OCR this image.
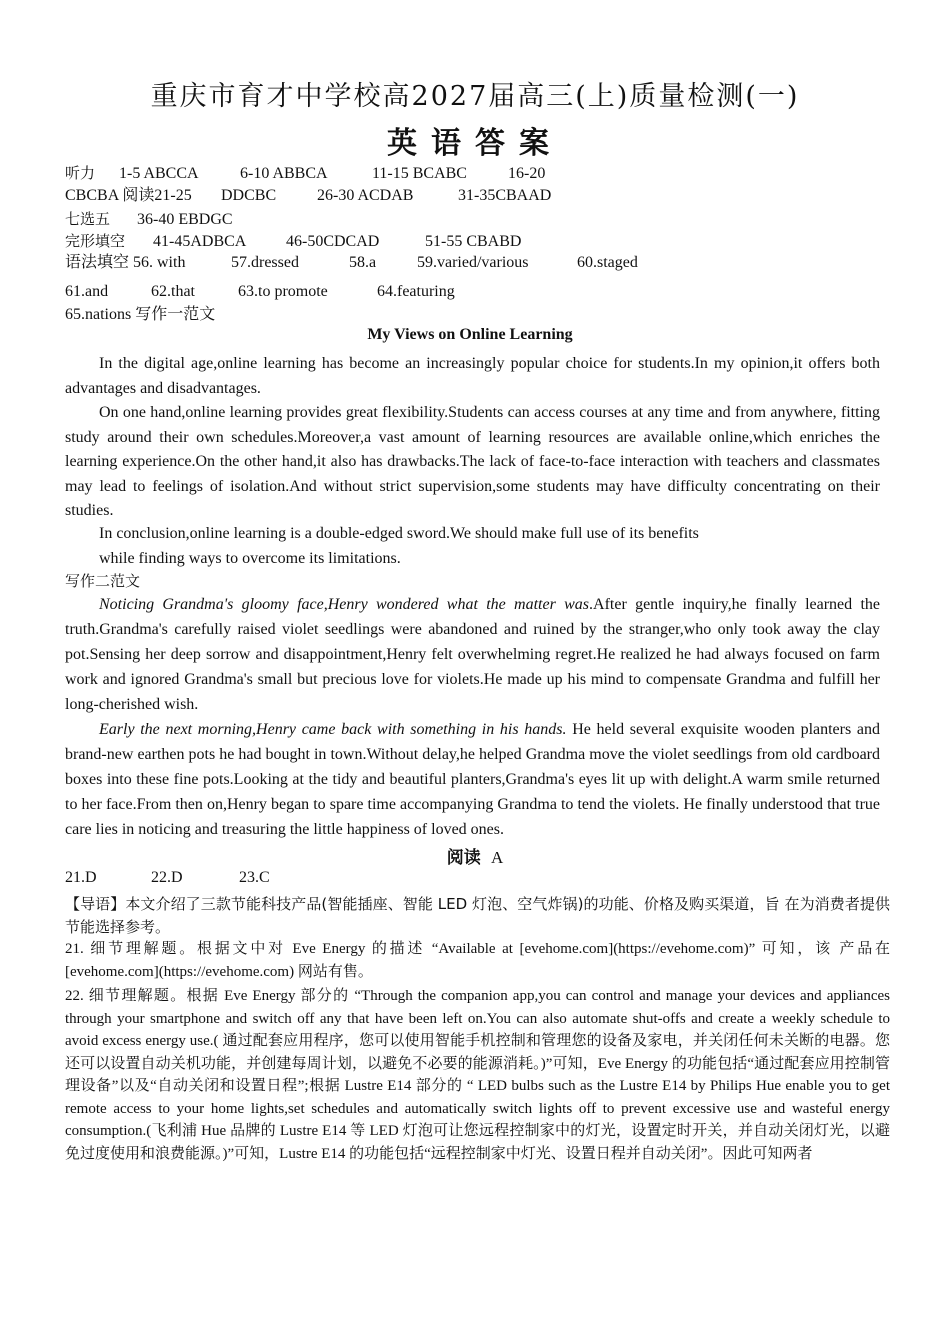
重庆市育才中学校高2027届高三(上)质量检测(一)
英语答案
听力 1-5 ABCCA	6-10 ABBCA	11-15 BCABC	16-20
CBCBA 阅读21-25 DDCBC	26-30 ACDAB	31-35CBAAD
七选五 36-40 EBDGC
完形填空 41-45ADBCA 46-50CDCAD	51-55 CBABD
语法填空 56. with	57.dressed	58.a	59.varied/various	60.staged
61.and	62.that	63.to promote	64.featuring
65.nations 写作一范文
My Views on Online Learning
In the digital age,online learning has become an increasingly popular choice for students.In my opinion,it offers both advantages and disadvantages.
On one hand,online learning provides great flexibility.Students can access courses at any time and from anywhere, fitting study around their own schedules.Moreover,a vast amount of learning resources are available online,which enriches the learning experience.On the other hand,it also has drawbacks.The lack of face-to-face interaction with teachers and classmates may lead to feelings of isolation.And without strict supervision,some students may have difficulty concentrating on their studies.
In conclusion,online learning is a double-edged sword.We should make full use of its benefits
while finding ways to overcome its limitations.
写作二范文
Noticing Grandma's gloomy face,Henry wondered what the matter was.After gentle inquiry,he finally learned the truth.Grandma's carefully raised violet seedlings were abandoned and ruined by the stranger,who only took away the clay pot.Sensing her deep sorrow and disappointment,Henry felt overwhelming regret.He realized he had always focused on farm work and ignored Grandma's small but precious love for violets.He made up his mind to compensate Grandma and fulfill her long-cherished wish.
Early the next morning,Henry came back with something in his hands. He held several exquisite wooden planters and brand-new earthen pots he had bought in town.Without delay,he helped Grandma move the violet seedlings from old cardboard boxes into these fine pots.Looking at the tidy and beautiful planters,Grandma's eyes lit up with delight.A warm smile returned to her face.From then on,Henry began to spare time accompanying Grandma to tend the violets. He finally understood that true care lies in noticing and treasuring the little happiness of loved ones.
阅读 A
21.D	22.D	23.C
【导语】本文介绍了三款节能科技产品(智能插座、智能 LED 灯泡、空气炸锅)的功能、价格及购买渠道，旨 在为消费者提供节能选择参考。
21. 细节理解题。根据文中对 Eve Energy 的描述 “Available at [evehome.com](https://evehome.com)” 可知，该 产品在[evehome.com](https://evehome.com) 网站有售。
22. 细节理解题。根据 Eve Energy 部分的 “Through the companion app,you can control and manage your devices and appliances through your smartphone and switch off any that have been left on.You can also automate shut-offs and create a weekly schedule to avoid excess energy use.( 通过配套应用程序，您可以使用智能手机控制和管理您的设备及家电，并关闭任何未关断的电器。您还可以设置自动关机功能，并创建每周计划，以避免不必要的能源消耗。)”可知，Eve Energy 的功能包括“通过配套应用控制管理设备”以及“自动关闭和设置日程”;根据 Lustre E14 部分的 “ LED bulbs such as the Lustre E14 by Philips Hue enable you to get remote access to your home lights,set schedules and automatically switch lights off to prevent excessive use and wasteful energy consumption.(飞利浦 Hue 品牌的 Lustre E14 等 LED 灯泡可让您远程控制家中的灯光，设置定时开关，并自动关闭灯光，以避免过度使用和浪费能源。)”可知，Lustre E14 的功能包括“远程控制家中灯光、设置日程并自动关闭”。因此可知两者
